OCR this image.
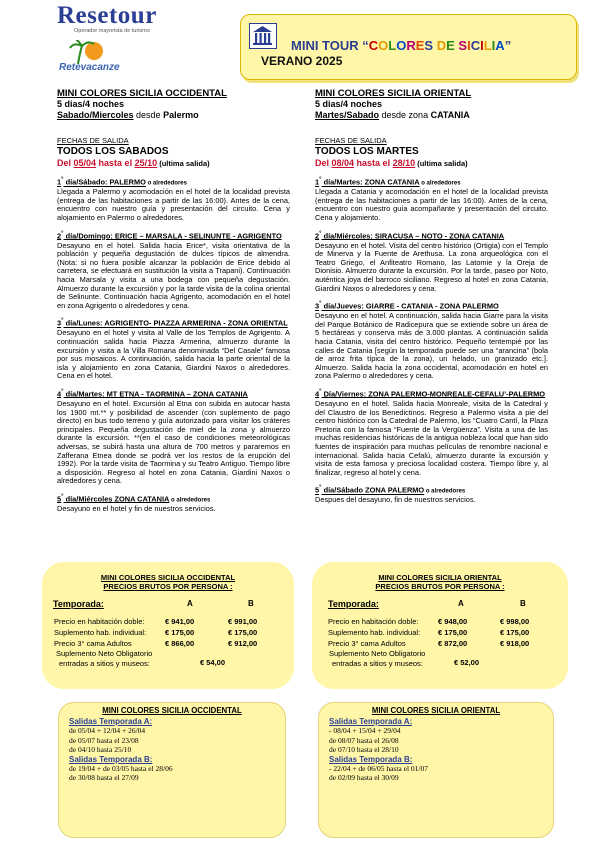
Resetour
Operador mayorista de turismo
Retevacanze
MINI TOUR “COLORES DE SICILIA”
VERANO 2025
MINI COLORES SICILIA OCCIDENTAL
5 dias/4 noches
Sabado/Miercoles desde Palermo
FECHAS DE SALIDA
TODOS LOS SABADOS
Del 05/04 hasta el 25/10 (ultima salida)
1° día/Sábado: PALERMO o alrededores
Llegada a Palermo y acomodación en el hotel de la localidad prevista (entrega de las habitaciones a partir de las 16:00). Antes de la cena, encuentro con nuestro guía y presentación del circuito. Cena y alojamiento en Palermo o alrededores.
2° día/Domingo: ERICE – MARSALA - SELINUNTE - AGRIGENTO
Desayuno en el hotel. Salida hacia Erice*, visita orientativa de la población y pequeña degustación de dulces típicos de almendra. (Nota: si no fuera posible alcanzar la población de Erice debido al carretera, se efectuará en sustitución la visita a Trapani). Continuación hacia Marsala y visita a una bodega con pequeña degustación. Almuerzo durante la excursión y por la tarde visita de la colina oriental de Selinunte. Continuación hacia Agrigento, acomodación en el hotel en zona Agrigento o alrededores y cena.
3° día/Lunes: AGRIGENTO- PIAZZA ARMERINA - ZONA ORIENTAL
Desayuno en el hotel y visita al Valle de los Templos de Agrigento. A continuación salida hacia Piazza Armerina, almuerzo durante la excursión y visita a la Villa Romana denominada “Del Casale” famosa por sus mosaicos. A continuación, salida hacia la parte oriental de la isla y alojamiento en zona Catania, Giardini Naxos o alrededores. Cena en el hotel.
4° día/Martes: MT ETNA - TAORMINA – ZONA CATANIA
Desayuno en el hotel. Excursión al Etna con subida en autocar hasta los 1900 mt.** y posibilidad de ascender (con suplemento de pago directo) en bus todo terreno y guía autorizado para visitar los cráteres principales. Pequeña degustación de miel de la zona y almuerzo durante la excursión. **(en el caso de condiciones meteorológicas adversas, se subirá hasta una altura de 700 metros y pararemos en Zafferana Etnea donde se podrá ver los restos de la erupción del 1992). Por la tarde visita de Taormina y su Teatro Antiguo. Tiempo libre a disposición. Regreso al hotel en zona Catania, Giardini Naxos o alrededores y cena.
5° día/Miércoles ZONA CATANIA o alrededores
Desayuno en el hotel y fin de nuestros servicios.
MINI COLORES SICILIA ORIENTAL
5 dias/4 noches
Martes/Sabado desde zona CATANIA
FECHAS DE SALIDA
TODOS LOS MARTES
Del 08/04 hasta el 28/10 (ultima salida)
1° día/Martes: ZONA CATANIA o alrededores
Llegada a Catania y acomodación en el hotel de la localidad prevista (entrega de las habitaciones a partir de las 16:00). Antes de la cena, encuentro con nuestro guía acompañante y presentación del circuito. Cena y alojamiento.
2° día/Miércoles: SIRACUSA – NOTO - ZONA CATANIA
Desayuno en el hotel. Visita del centro histórico (Ortigia) con el Templo de Minerva y la Fuente de Arethusa. La zona arqueológica con el Teatro Griego, el Anfiteatro Romano, las Latomie y la Oreja de Dionisio. Almuerzo durante la excursión. Por la tarde, paseo por Noto, auténtica joya del barroco siciliano. Regreso al hotel en zona Catania, Giardini Naxos o alrededores y cena.
3° día/Jueves: GIARRE - CATANIA - ZONA PALERMO
Desayuno en el hotel. A continuación, salida hacia Giarre para la visita del Parque Botánico de Radicepura que se extiende sobre un área de 5 hectáreas y conserva más de 3.000 plantas. A continuación salida hacia Catania, visita del centro histórico. Pequeño tentempié por las calles de Catania [según la temporada puede ser una “arancina” (bola de arroz frita típica de la zona), un helado, un granizado etc.]. Almuerzo. Salida hacia la zona occidental, acomodación en hotel en zona Palermo o alrededores y cena.
4° Día/Viernes: ZONA PALERMO-MONREALE-CEFALU’-PALERMO
Desayuno en el hotel. Salida hacia Monreale, visita de la Catedral y del Claustro de los Benedictinos. Regreso a Palermo visita a pie del centro histórico con la Catedral de Palermo, los “Cuatro Cantí, la Plaza Pretoria con la famosa “Fuente de la Vergüenza”. Visita a una de las muchas residencias históricas de la antigua nobleza local que han sido fuentes de inspiración para muchas películas de renombre nacional e internacional. Salida hacia Cefalú, almuerzo durante la excursión y visita de esta famosa y preciosa localidad costera. Tiempo libre y, al finalizar, regreso al hotel y cena.
5° día/Sábado ZONA PALERMO o alrededores
Despues del desayuno, fin de nuestros servicios.
MINI COLORES SICILIA OCCIDENTAL
PRECIOS BRUTOS POR PERSONA :
Temporada:	A	B
Precio en habitación doble:	€ 941,00	€ 991,00
Suplemento hab. individual:	€ 175,00	€ 175,00
Precio 3° cama Adultos	€ 866,00	€ 912,00
Suplemento Neto Obligatorio
entradas a sitios y museos:	€ 54,00
MINI COLORES SICILIA ORIENTAL
PRECIOS BRUTOS POR PERSONA :
Temporada:	A	B
Precio en habitación doble:	€ 948,00	€ 998,00
Suplemento hab. individual: € 175,00	€ 175,00
Precio 3° cama Adultos	€ 872,00	€ 918,00
Suplemento Neto Obligatorio
entradas a sitios y museos:	€ 52,00
MINI COLORES SICILIA OCCIDENTAL
Salidas Temporada A:
de 05/04 + 12/04 + 26/04
de 05/07 hasta el 23/08
de 04/10 hasta 25/10
Salidas Temporada B:
de 19/04 + de 03/05 hasta el 28/06
de 30/08 hasta el 27/09
MINI COLORES SICILIA ORIENTAL
Salidas Temporada A:
- 08/04 + 15/04 + 29/04
de 08/07 hasta el 26/08
de 07/10 hasta el 28/10
Salidas Temporada B:
- 22/04 + de 06/05 hasta el 01/07
de 02/09 hasta el 30/09
